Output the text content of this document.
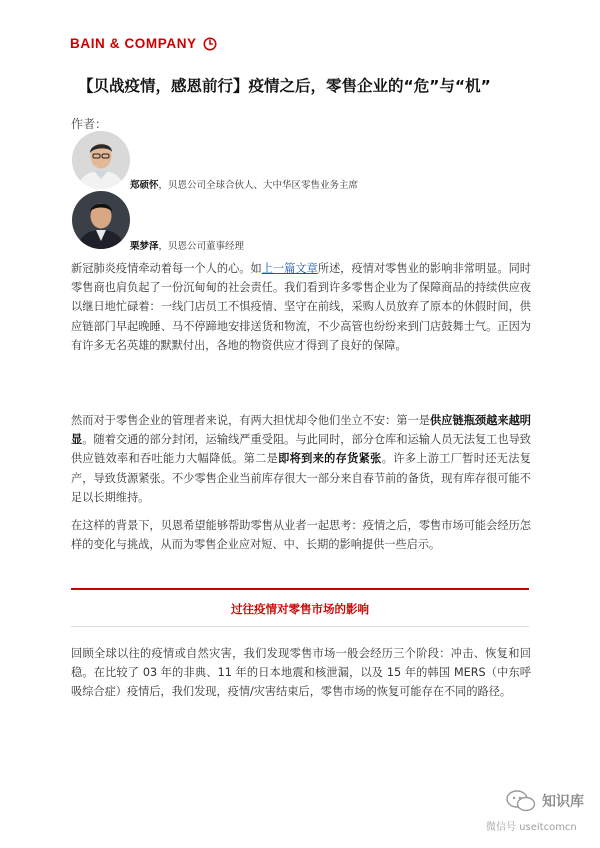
BAIN & COMPANY
【贝战疫情，感恩前行】疫情之后，零售企业的“危”与“机”
作者：
郑硕怀，贝恩公司全球合伙人、大中华区零售业务主席
栗梦泽，贝恩公司董事经理
新冠肺炎疫情牵动着每一个人的心。如上一篇文章所述，疫情对零售业的影响非常明显。同时零售商也肩负起了一份沉甸甸的社会责任。我们看到许多零售企业为了保障商品的持续供应夜以继日地忙碌着：一线门店员工不惧疫情、坚守在前线，采购人员放弃了原本的休假时间，供应链部门早起晚睡、马不停蹄地安排送货和物流，不少高管也纷纷来到门店鼓舞士气。正因为有许多无名英雄的默默付出，各地的物资供应才得到了良好的保障。
然而对于零售企业的管理者来说，有两大担忧却令他们坐立不安：第一是供应链瓶颈越来越明显。随着交通的部分封闭，运输线严重受阻。与此同时，部分仓库和运输人员无法复工也导致供应链效率和吞吐能力大幅降低。第二是即将到来的存货紧张。许多上游工厂暂时还无法复产，导致货源紧张。不少零售企业当前库存很大一部分来自春节前的备货，现有库存很可能不足以长期维持。
在这样的背景下，贝恩希望能够帮助零售从业者一起思考：疫情之后，零售市场可能会经历怎样的变化与挑战，从而为零售企业应对短、中、长期的影响提供一些启示。
过往疫情对零售市场的影响
回顾全球以往的疫情或自然灾害，我们发现零售市场一般会经历三个阶段：冲击、恢复和回稳。在比较了 03 年的非典、11 年的日本地震和核泄漏，以及 15 年的韩国 MERS（中东呼吸综合症）疫情后，我们发现，疫情/灾害结束后，零售市场的恢复可能存在不同的路径。
知识库
微信号 useitcomcn
